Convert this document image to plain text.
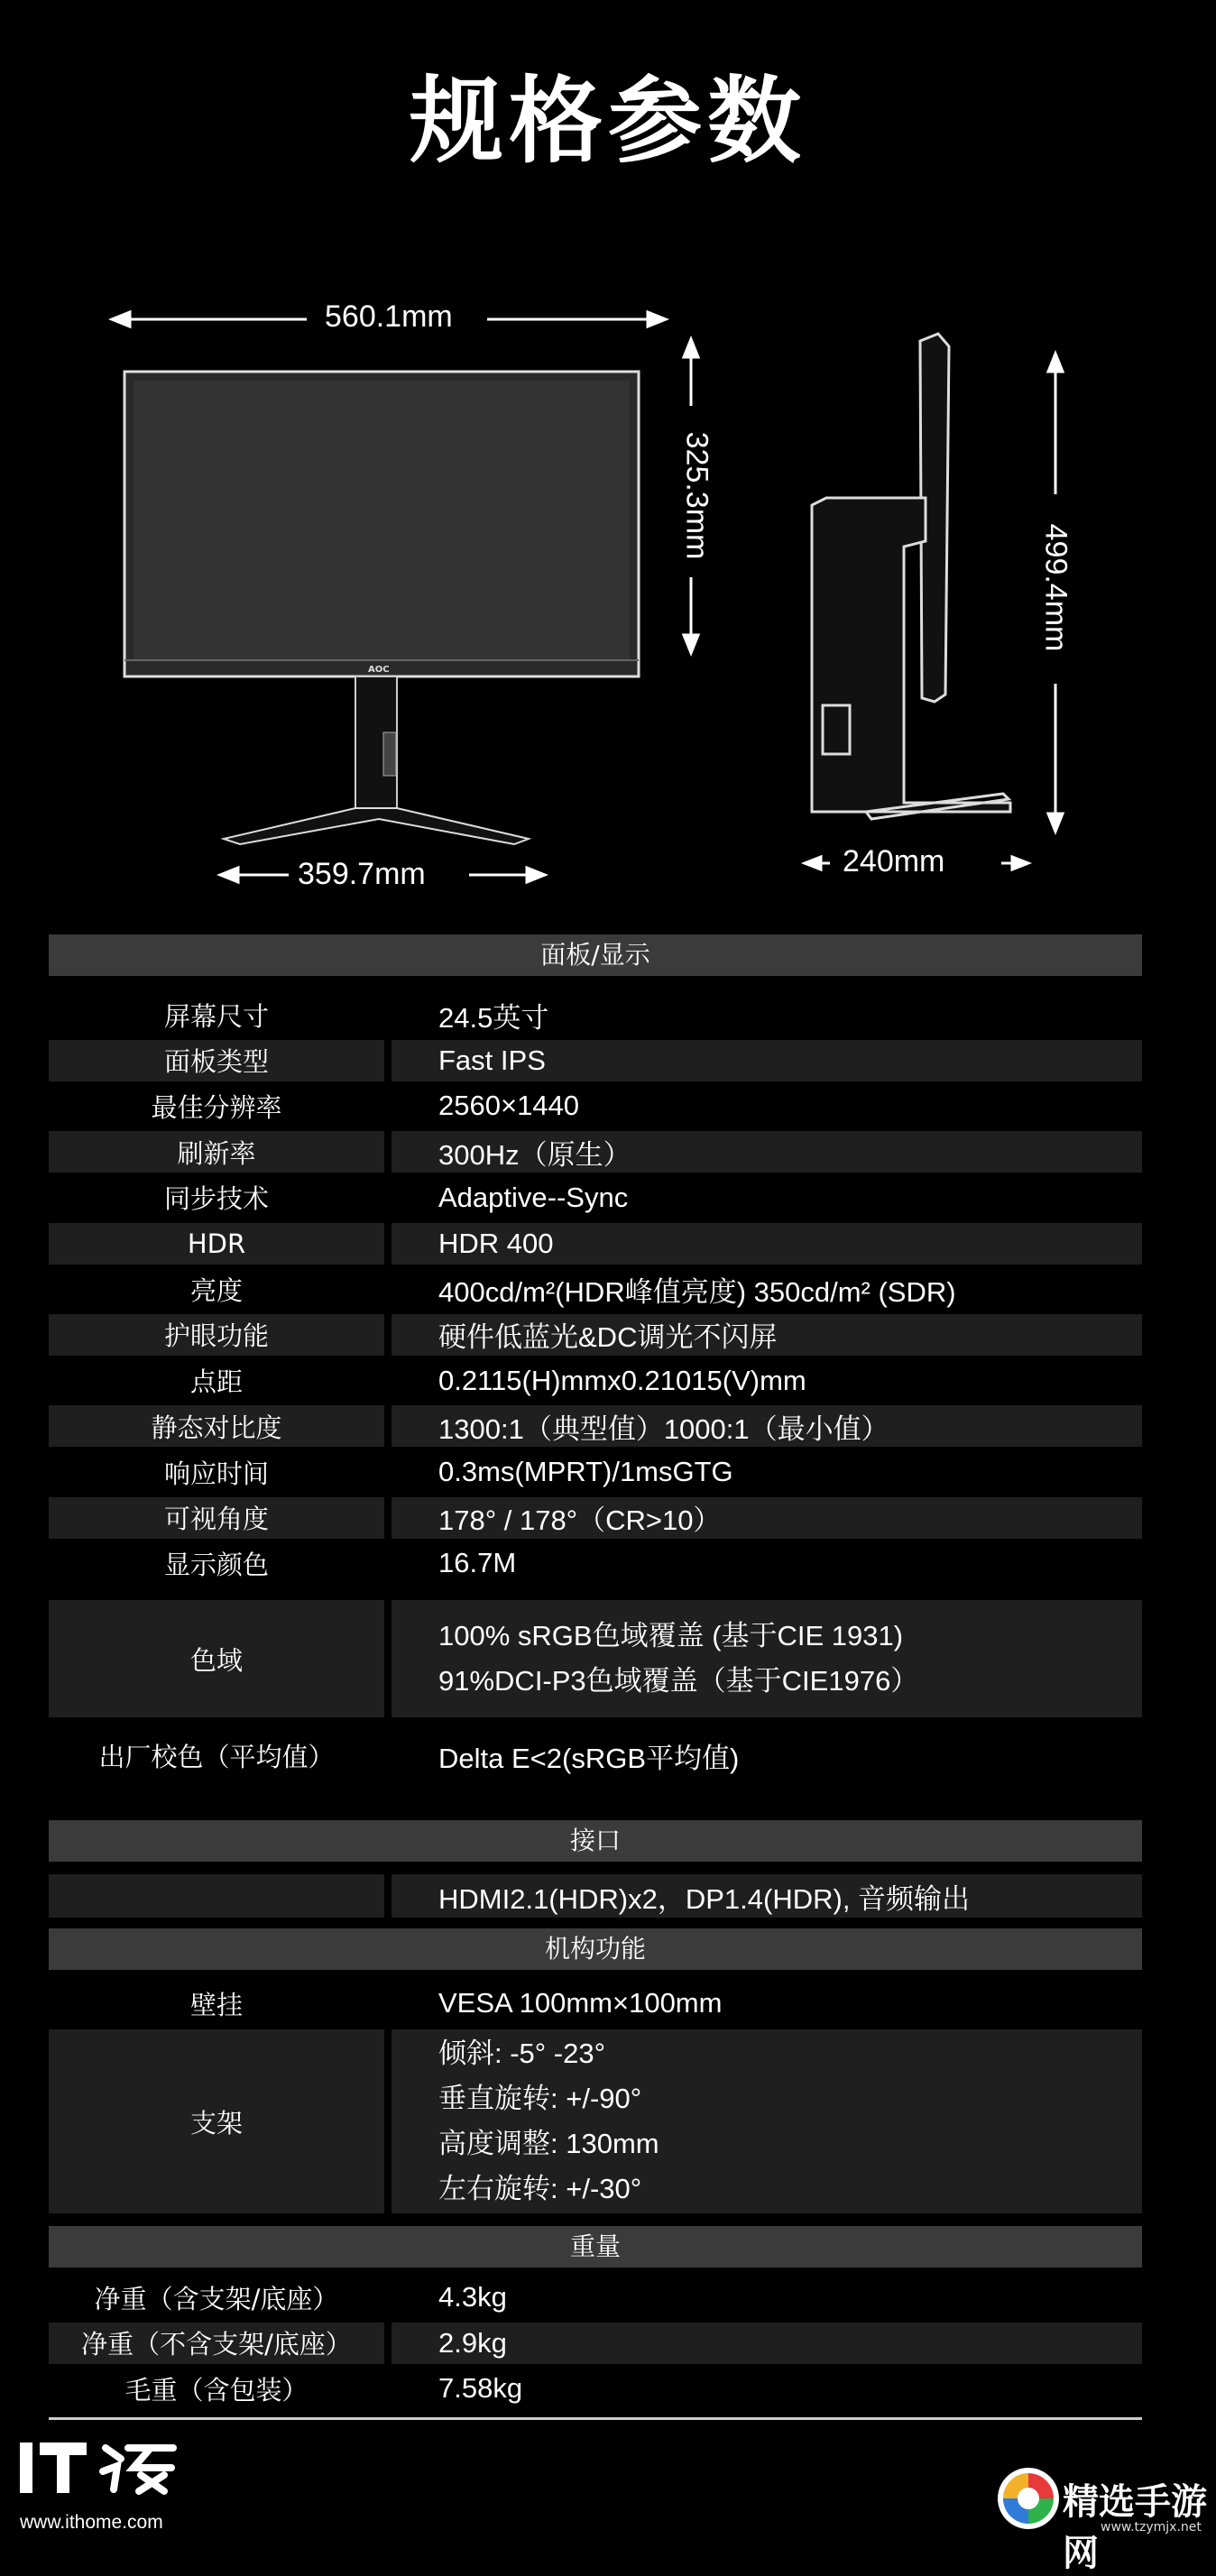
规格参数
560.1mm
325.3mm
359.7mm
499.4mm
240mm
AOC
面板/显示
屏幕尺寸	24.5英寸
面板类型	Fast IPS
最佳分辨率	2560×1440
刷新率	300Hz（原生）
同步技术	Adaptive--Sync
HDR	HDR 400
亮度	400cd/m²(HDR峰值亮度) 350cd/m² (SDR)
护眼功能	硬件低蓝光&DC调光不闪屏
点距	0.2115(H)mmx0.21015(V)mm
静态对比度	1300:1（典型值）1000:1（最小值）
响应时间	0.3ms(MPRT)/1msGTG
可视角度	178° / 178°（CR>10）
显示颜色	16.7M
色域
100% sRGB色域覆盖 (基于CIE 1931)
91%DCI-P3色域覆盖（基于CIE1976）
出厂校色（平均值）	Delta E<2(sRGB平均值)
接口
HDMI2.1(HDR)x2，DP1.4(HDR), 音频输出
机构功能
壁挂	VESA 100mm×100mm
支架
倾斜: -5° -23°
垂直旋转: +/-90°
高度调整: 130mm
左右旋转: +/-30°
重量
净重（含支架/底座）	4.3kg
净重（不含支架/底座）	2.9kg
毛重（含包装）	7.58kg
www.ithome.com	精选手游网
www.tzymjx.net
